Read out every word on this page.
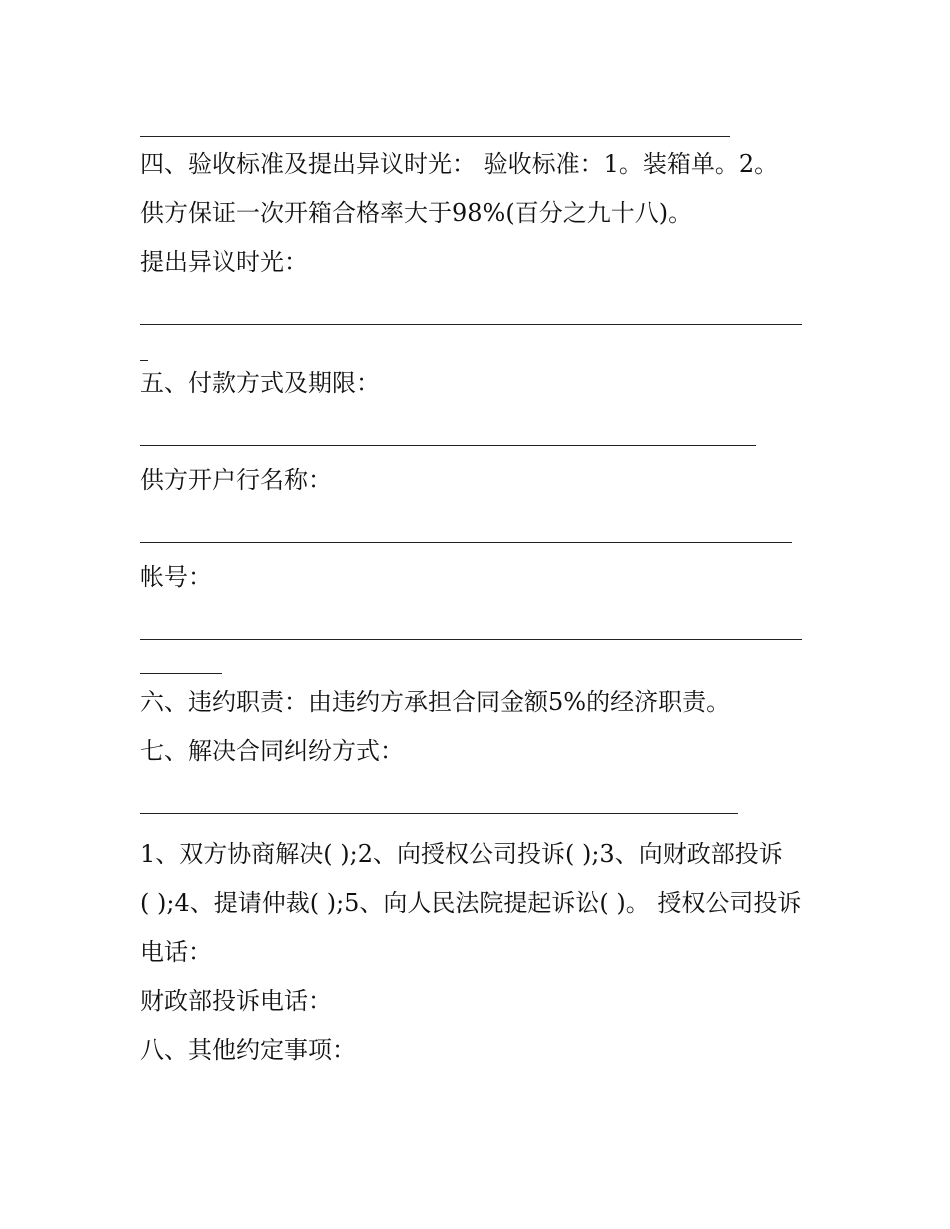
四、验收标准及提出异议时光： 验收标准：1。装箱单。2。
供方保证一次开箱合格率大于98%(百分之九十八)。
提出异议时光：
五、付款方式及期限：
供方开户行名称：
帐号：
六、违约职责：由违约方承担合同金额5%的经济职责。
七、解决合同纠纷方式：
1、双方协商解决( );2、向授权公司投诉( );3、向财政部投诉
( );4、提请仲裁( );5、向人民法院提起诉讼( )。 授权公司投诉
电话：
财政部投诉电话：
八、其他约定事项：
